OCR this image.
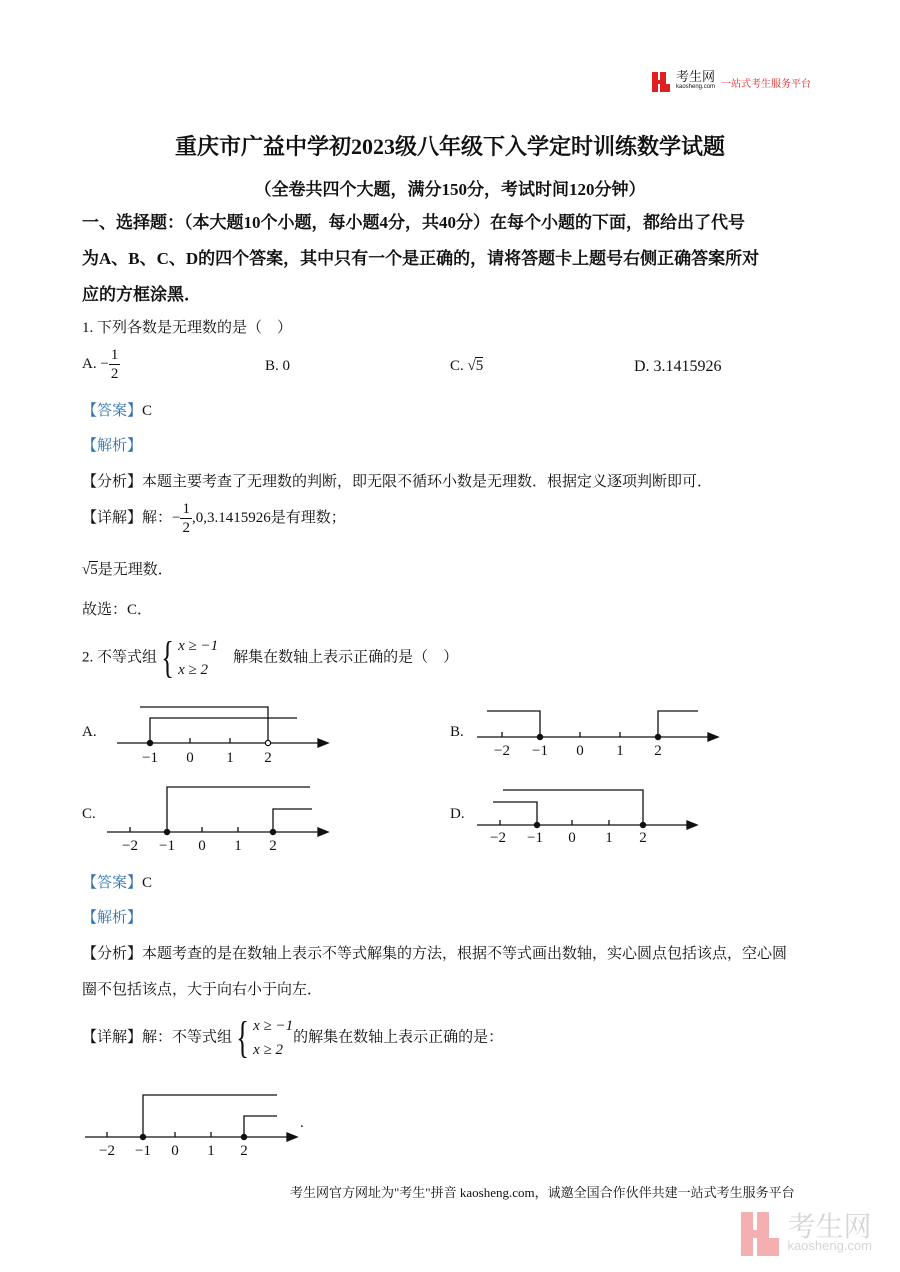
考生网
kaosheng.com 一站式考生服务平台
重庆市广益中学初2023级八年级下入学定时训练数学试题
（全卷共四个大题，满分150分，考试时间120分钟）
一、选择题：（本大题10个小题，每小题4分，共40分）在每个小题的下面，都给出了代号
为A、B、C、D的四个答案，其中只有一个是正确的，请将答题卡上题号右侧正确答案所对
应的方框涂黑．
1. 下列各数是无理数的是（　）
A. − $\frac{1}{2}$	B. 0	C. √5	D. 3.1415926
【答案】C
【解析】
【分析】本题主要考查了无理数的判断，即无限不循环小数是无理数．根据定义逐项判断即可．
【详解】解：− $\frac{1}{2} ,0,3.1415926$是有理数；
√5是无理数．
故选：C．
2. 不等式组 { x ≥ −1
x ≥ 2
　解集在数轴上表示正确的是（　）
A.	B.
C.	D.
−1 0 1 2	−2 −1 0 1 2
−2 −1 0 1 2	−2 −1 0 1 2
−2 −1 0 1 2
.
【答案】C
【解析】
【分析】本题考查的是在数轴上表示不等式解集的方法，根据不等式画出数轴，实心圆点包括该点，空心圆
圈不包括该点，大于向右小于向左．
【详解】解：不等式组 { x ≥ −1
x ≥ 2
的解集在数轴上表示正确的是：
考生网官方网址为"考生"拼音 kaosheng.com，诚邀全国合作伙伴共建一站式考生服务平台
考生网
kaosheng.com
